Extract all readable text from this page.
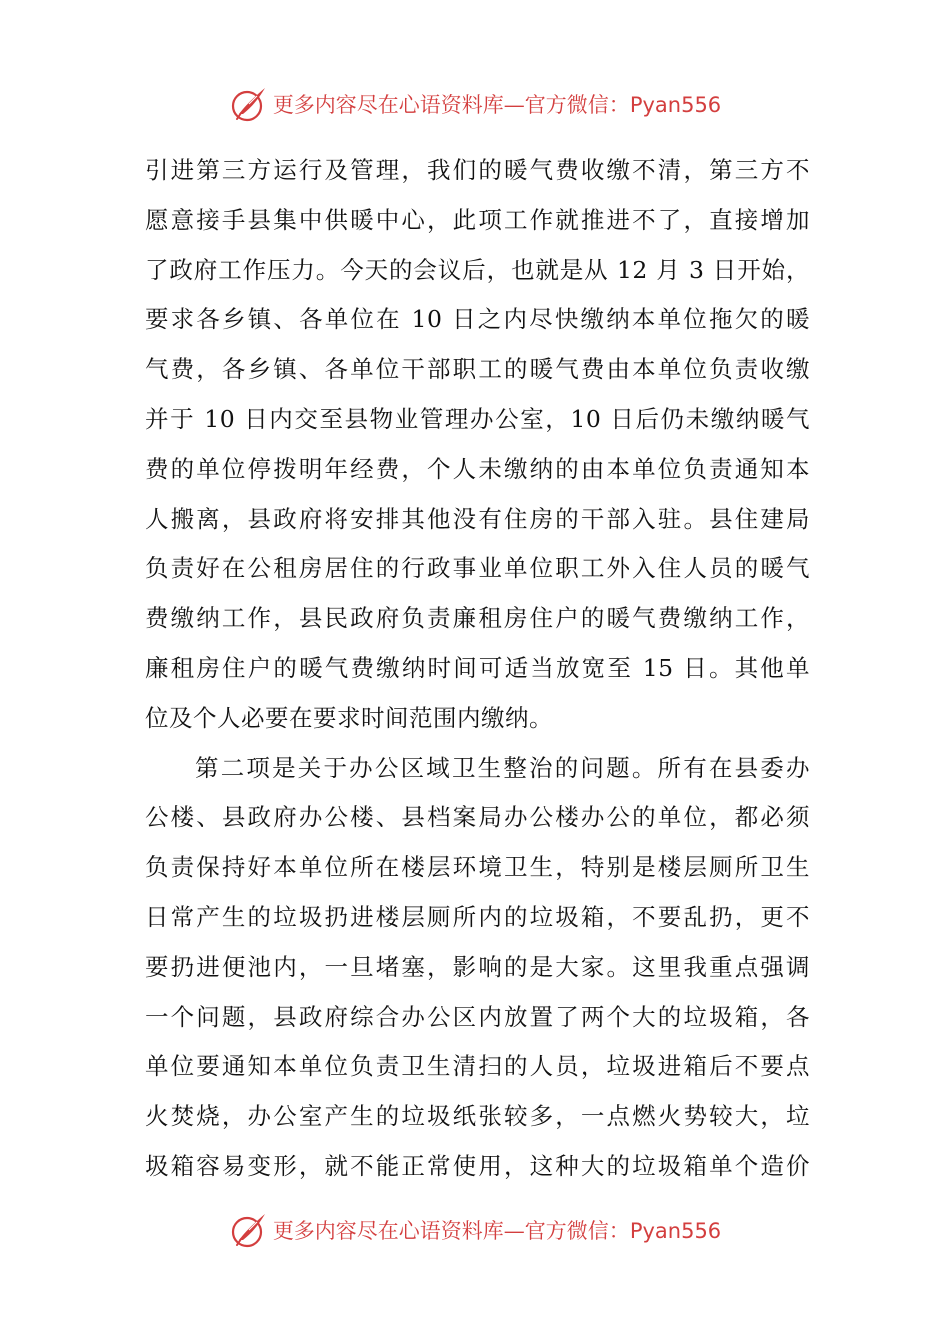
更多内容尽在心语资料库—官方微信：Pyan556
引进第三方运行及管理，我们的暖气费收缴不清，第三方不
愿意接手县集中供暖中心，此项工作就推进不了，直接增加
了政府工作压力。今天的会议后，也就是从 12 月 3 日开始，
要求各乡镇、各单位在 10 日之内尽快缴纳本单位拖欠的暖
气费，各乡镇、各单位干部职工的暖气费由本单位负责收缴
并于 10 日内交至县物业管理办公室，10 日后仍未缴纳暖气
费的单位停拨明年经费，个人未缴纳的由本单位负责通知本
人搬离，县政府将安排其他没有住房的干部入驻。县住建局
负责好在公租房居住的行政事业单位职工外入住人员的暖气
费缴纳工作，县民政府负责廉租房住户的暖气费缴纳工作，
廉租房住户的暖气费缴纳时间可适当放宽至 15 日。其他单
位及个人必要在要求时间范围内缴纳。
第二项是关于办公区域卫生整治的问题。所有在县委办
公楼、县政府办公楼、县档案局办公楼办公的单位，都必须
负责保持好本单位所在楼层环境卫生，特别是楼层厕所卫生
日常产生的垃圾扔进楼层厕所内的垃圾箱，不要乱扔，更不
要扔进便池内，一旦堵塞，影响的是大家。这里我重点强调
一个问题，县政府综合办公区内放置了两个大的垃圾箱，各
单位要通知本单位负责卫生清扫的人员，垃圾进箱后不要点
火焚烧，办公室产生的垃圾纸张较多，一点燃火势较大，垃
圾箱容易变形，就不能正常使用，这种大的垃圾箱单个造价
更多内容尽在心语资料库—官方微信：Pyan556
